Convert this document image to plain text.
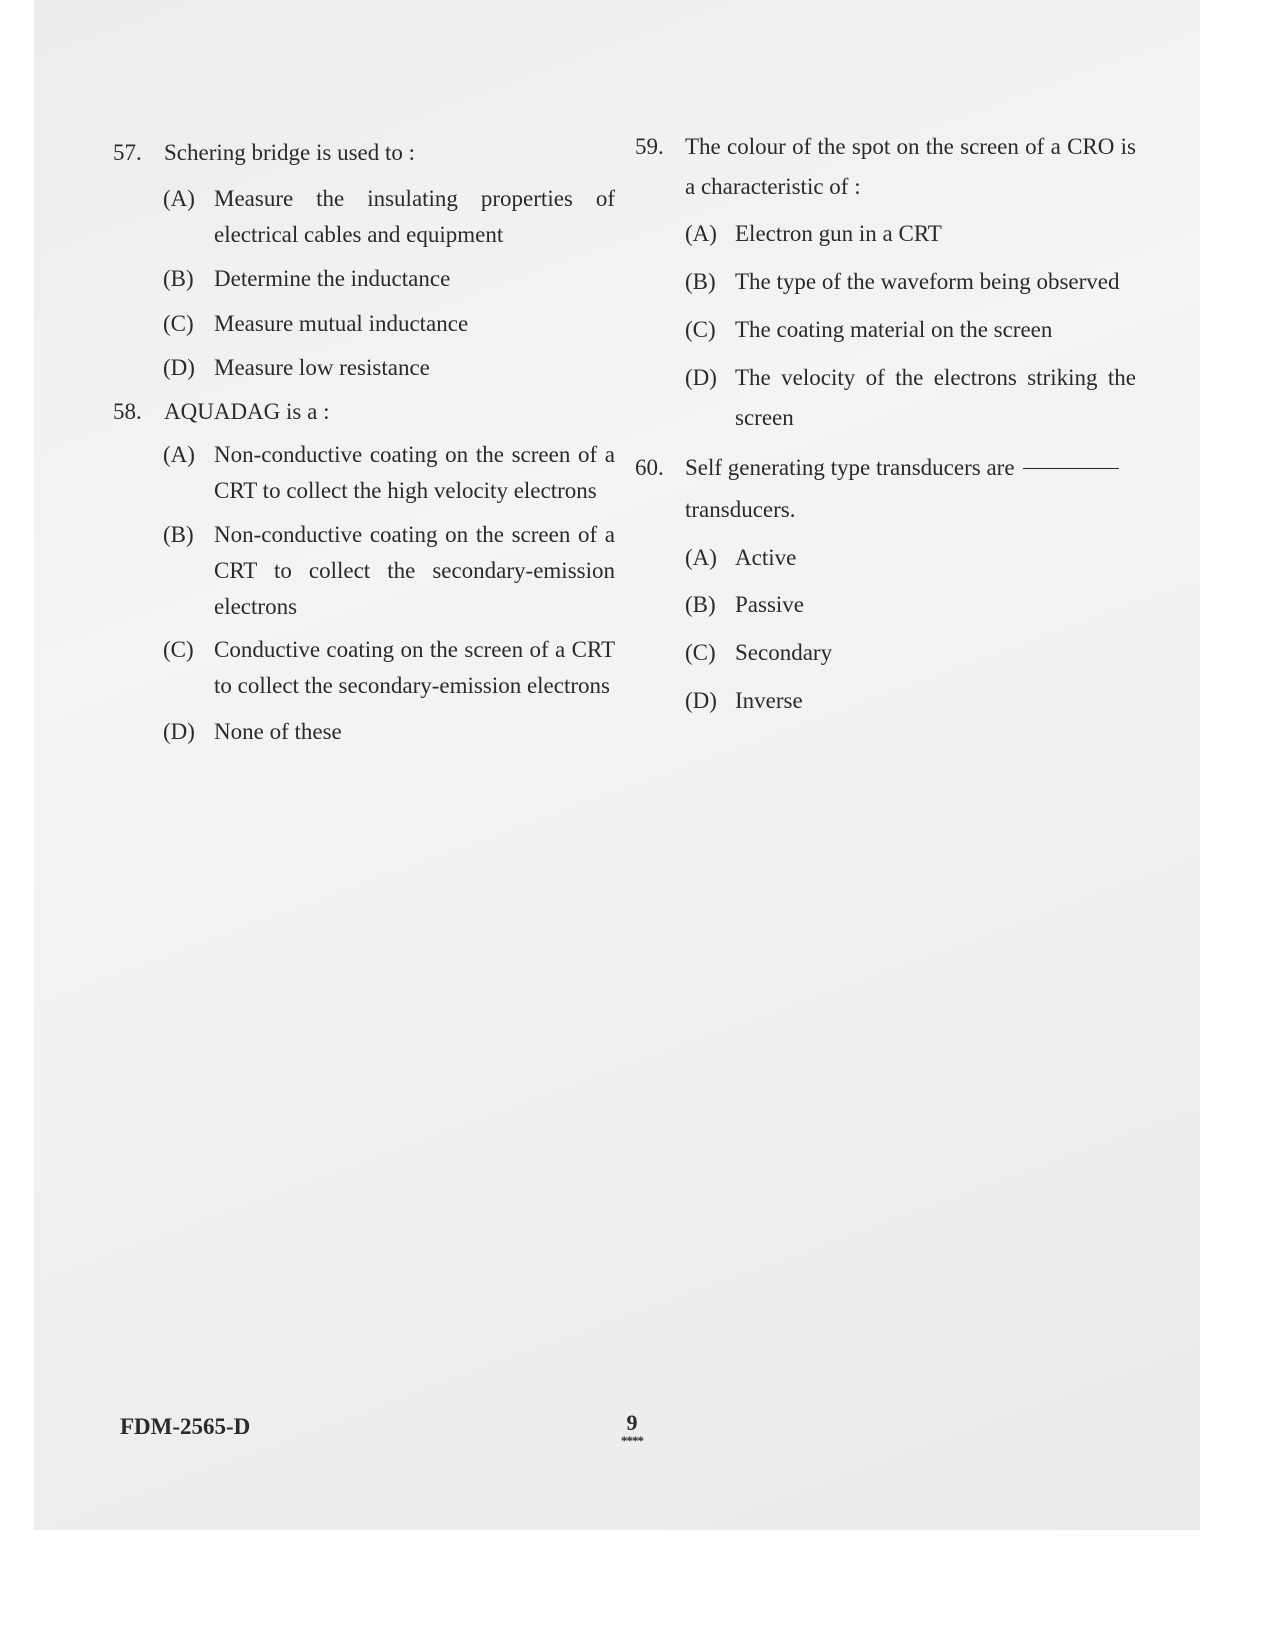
57. Schering bridge is used to :
(A) Measure the insulating properties of
electrical cables and equipment
(B) Determine the inductance
(C) Measure mutual inductance
(D) Measure low resistance
58. AQUADAG is a :
(A) Non-conductive coating on the screen of a
CRT to collect the high velocity electrons
(B) Non-conductive coating on the screen of a
CRT to collect the secondary-emission
electrons
(C) Conductive coating on the screen of a CRT
to collect the secondary-emission electrons
(D) None of these
59. The colour of the spot on the screen of a CRO is
a characteristic of :
(A) Electron gun in a CRT
(B) The type of the waveform being observed
(C) The coating material on the screen
(D) The velocity of the electrons striking the
screen
60. Self generating type transducers are
transducers.
(A) Active
(B) Passive
(C) Secondary
(D) Inverse
FDM-2565-D	9
****
